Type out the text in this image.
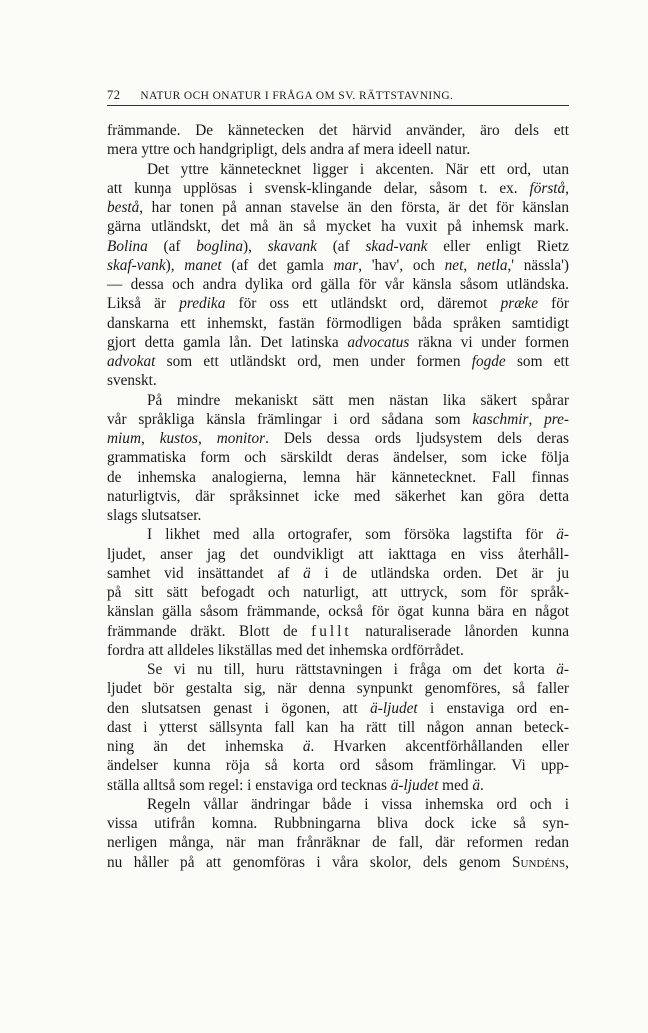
72 NATUR OCH ONATUR I FRÅGA OM SV. RÄTTSTAVNING.
främmande. De kännetecken det härvid använder, äro dels ett
mera yttre och handgripligt, dels andra af mera ideell natur.
Det yttre kännetecknet ligger i akcenten. När ett ord, utan
att kunŋa upplösas i svensk-klingande delar, såsom t. ex. förstå,
bestå, har tonen på annan stavelse än den första, är det för känslan
gärna utländskt, det må än så mycket ha vuxit på inhemsk mark.
Bolina (af boglina), skavank (af skad-vank eller enligt Rietz
skaf-vank), manet (af det gamla mar, 'hav', och net, netla,' nässla')
— dessa och andra dylika ord gälla för vår känsla såsom utländska.
Likså är predika för oss ett utländskt ord, däremot præke för
danskarna ett inhemskt, fastän förmodligen båda språken samtidigt
gjort detta gamla lån. Det latinska advocatus räkna vi under formen
advokat som ett utländskt ord, men under formen fogde som ett
svenskt.
På mindre mekaniskt sätt men nästan lika säkert spårar
vår språkliga känsla främlingar i ord sådana som kaschmir, pre-
mium, kustos, monitor. Dels dessa ords ljudsystem dels deras
grammatiska form och särskildt deras ändelser, som icke följa
de inhemska analogierna, lemna här kännetecknet. Fall finnas
naturligtvis, där språksinnet icke med säkerhet kan göra detta
slags slutsatser.
I likhet med alla ortografer, som försöka lagstifta för ä-
ljudet, anser jag det oundvikligt att iakttaga en viss återhåll-
samhet vid insättandet af ä i de utländska orden. Det är ju
på sitt sätt befogadt och naturligt, att uttryck, som för språk-
känslan gälla såsom främmande, också för ögat kunna bära en något
främmande dräkt. Blott de fullt naturaliserade lånorden kunna
fordra att alldeles likställas med det inhemska ordförrådet.
Se vi nu till, huru rättstavningen i fråga om det korta ä-
ljudet bör gestalta sig, när denna synpunkt genomföres, så faller
den slutsatsen genast i ögonen, att ä-ljudet i enstaviga ord en-
dast i ytterst sällsynta fall kan ha rätt till någon annan beteck-
ning än det inhemska ä. Hvarken akcentförhållanden eller
ändelser kunna röja så korta ord såsom främlingar. Vi upp-
ställa alltså som regel: i enstaviga ord tecknas ä-ljudet med ä.
Regeln vållar ändringar både i vissa inhemska ord och i
vissa utifrån komna. Rubbningarna bliva dock icke så syn-
nerligen många, när man frånräknar de fall, där reformen redan
nu håller på att genomföras i våra skolor, dels genom Sundéns,
